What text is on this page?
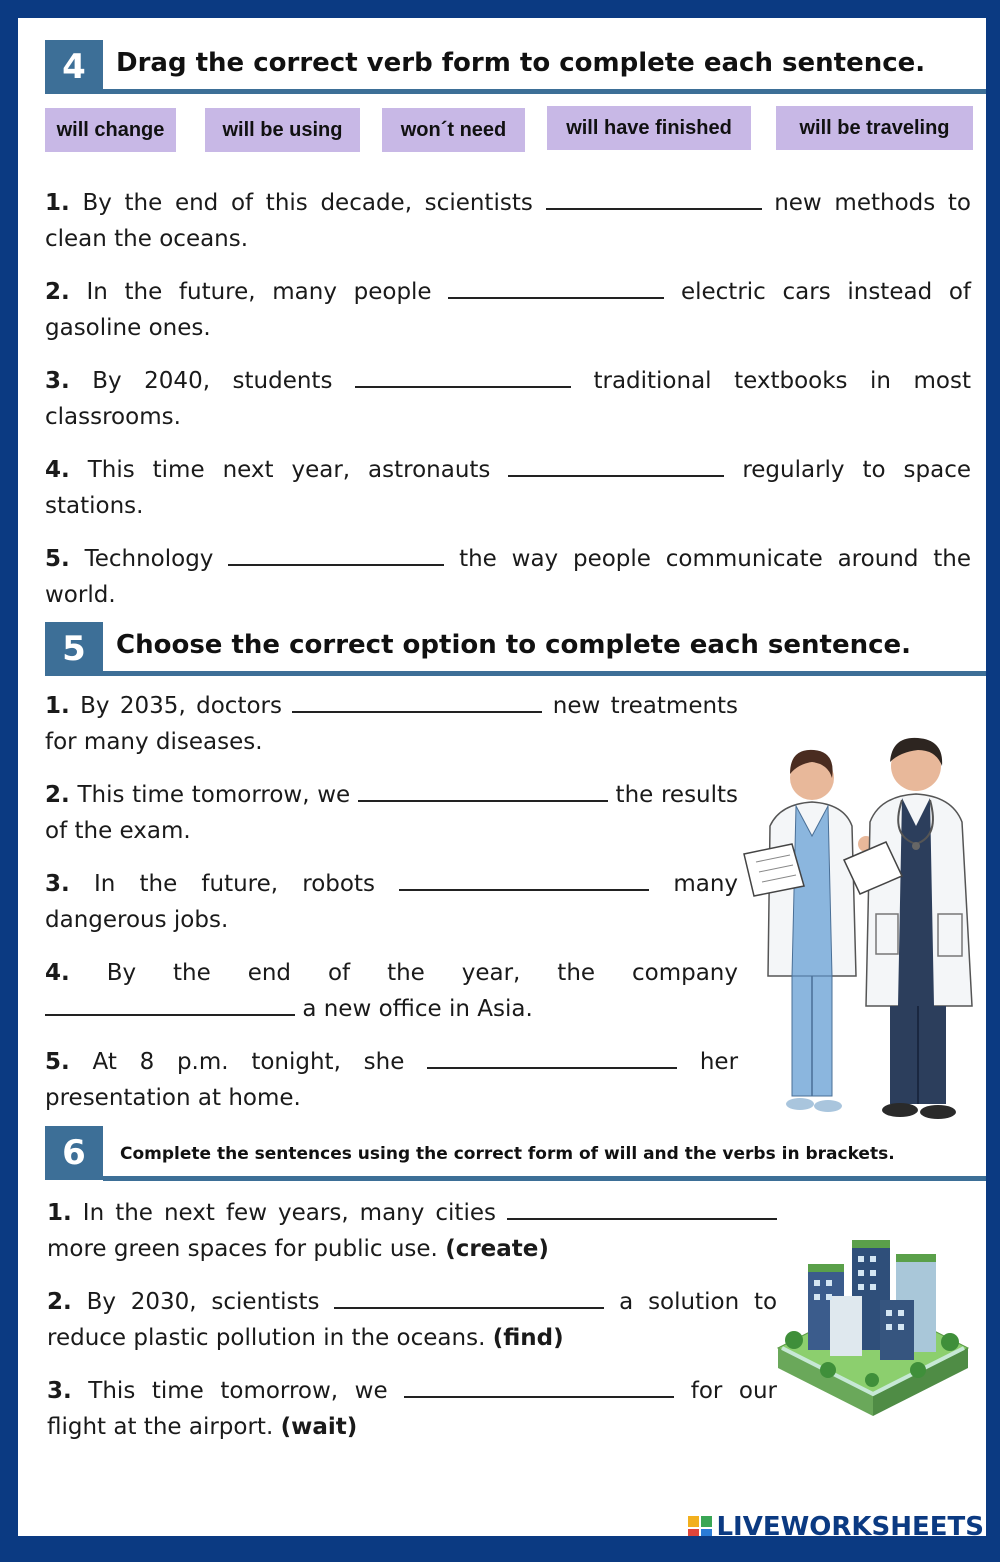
4	Drag the correct verb form to complete each sentence.
will change	will be using	won´t need	will have finished	will be traveling
1. By the end of this decade, scientists	new methods to clean the oceans.
2. In the future, many people	electric cars instead of gasoline ones.
3. By 2040, students	traditional textbooks in most classrooms.
4. This time next year, astronauts	regularly to space stations.
5. Technology	the way people communicate around the world.
5	Choose the correct option to complete each sentence.
1. By 2035, doctors	new treatments for many diseases.
2. This time tomorrow, we	the results of the exam.
3. In the future, robots	many dangerous jobs.
4. By the end of the year, the company  a new office in Asia.
5. At 8 p.m. tonight, she	her presentation at home.
6	Complete the sentences using the correct form of will and the verbs in brackets.
1. In the next few years, many cities  more green spaces for public use. (create)
2. By 2030, scientists	a solution to reduce plastic pollution in the oceans. (find)
3. This time tomorrow, we	for our flight at the airport. (wait)
LIVEWORKSHEETS
